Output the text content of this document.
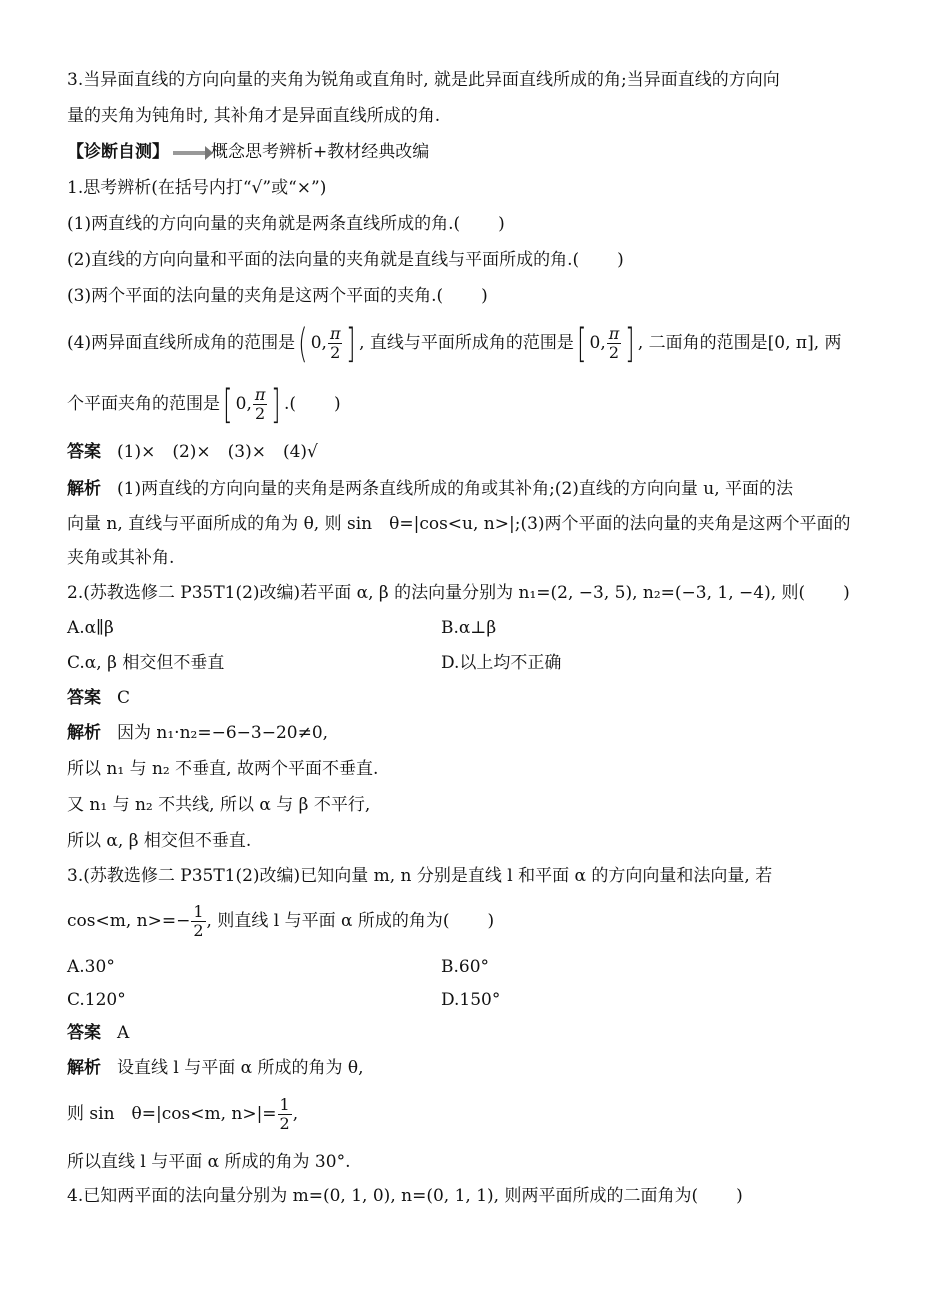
3.当异面直线的方向向量的夹角为锐角或直角时, 就是此异面直线所成的角;当异面直线的方向向
量的夹角为钝角时, 其补角才是异面直线所成的角.
【诊断自测】 概念思考辨析+教材经典改编
1.思考辨析(在括号内打“√”或“×”)
(1)两直线的方向向量的夹角就是两条直线所成的角.( )
(2)直线的方向向量和平面的法向量的夹角就是直线与平面所成的角.( )
(3)两个平面的法向量的夹角是这两个平面的夹角.( )
(4)两异面直线所成角的范围是( 0, $\frac{\pi}{2}$ ] , 直线与平面所成角的范围是[ 0, $\frac{\pi}{2}$ ] , 二面角的范围是[0, π], 两
个平面夹角的范围是[ 0, $\frac{\pi}{2}$ ] .( )
答案 (1)×　(2)×　(3)×　(4)√
解析 (1)两直线的方向向量的夹角是两条直线所成的角或其补角;(2)直线的方向向量 u, 平面的法
向量 n, 直线与平面所成的角为 θ, 则 sin　θ=|cos<u, n>|;(3)两个平面的法向量的夹角是这两个平面的
夹角或其补角.
2.(苏教选修二 P35T1(2)改编)若平面 α, β 的法向量分别为 n₁=(2, −3, 5), n₂=(−3, 1, −4), 则( )
A.α∥β	B.α⊥β
C.α, β 相交但不垂直	D.以上均不正确
答案 C
解析 因为 n₁·n₂=−6−3−20≠0,
所以 n₁ 与 n₂ 不垂直, 故两个平面不垂直.
又 n₁ 与 n₂ 不共线, 所以 α 与 β 不平行,
所以 α, β 相交但不垂直.
3.(苏教选修二 P35T1(2)改编)已知向量 m, n 分别是直线 l 和平面 α 的方向向量和法向量, 若
cos<m, $n>=- \frac{1}{2}$ , 则直线 l 与平面 α 所成的角为( )
A.30°	B.60°
C.120°	D.150°
答案 A
解析 设直线 l 与平面 α 所成的角为 θ,
则 sin　θ=|cos<m, $n>|= \frac{1}{2}$ ,
所以直线 l 与平面 α 所成的角为 30°.
4.已知两平面的法向量分别为 m=(0, 1, 0), n=(0, 1, 1), 则两平面所成的二面角为( )
